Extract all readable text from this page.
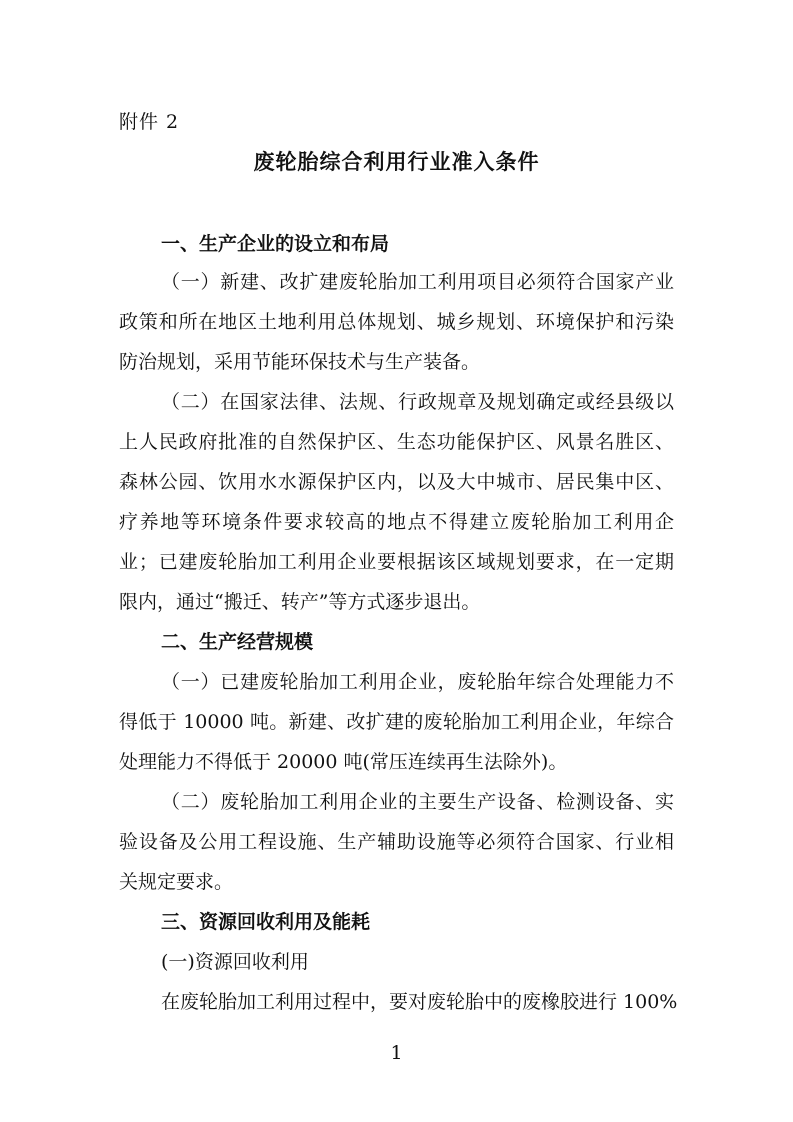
附件 2
废轮胎综合利用行业准入条件
一、生产企业的设立和布局
（一）新建、改扩建废轮胎加工利用项目必须符合国家产业
政策和所在地区土地利用总体规划、城乡规划、环境保护和污染
防治规划，采用节能环保技术与生产装备。
（二）在国家法律、法规、行政规章及规划确定或经县级以
上人民政府批准的自然保护区、生态功能保护区、风景名胜区、
森林公园、饮用水水源保护区内，以及大中城市、居民集中区、
疗养地等环境条件要求较高的地点不得建立废轮胎加工利用企
业；已建废轮胎加工利用企业要根据该区域规划要求，在一定期
限内，通过“搬迁、转产”等方式逐步退出。
二、生产经营规模
（一）已建废轮胎加工利用企业，废轮胎年综合处理能力不
得低于 10000 吨。新建、改扩建的废轮胎加工利用企业，年综合
处理能力不得低于 20000 吨(常压连续再生法除外)。
（二）废轮胎加工利用企业的主要生产设备、检测设备、实
验设备及公用工程设施、生产辅助设施等必须符合国家、行业相
关规定要求。
三、资源回收利用及能耗
(一)资源回收利用
在废轮胎加工利用过程中，要对废轮胎中的废橡胶进行 100%
1
